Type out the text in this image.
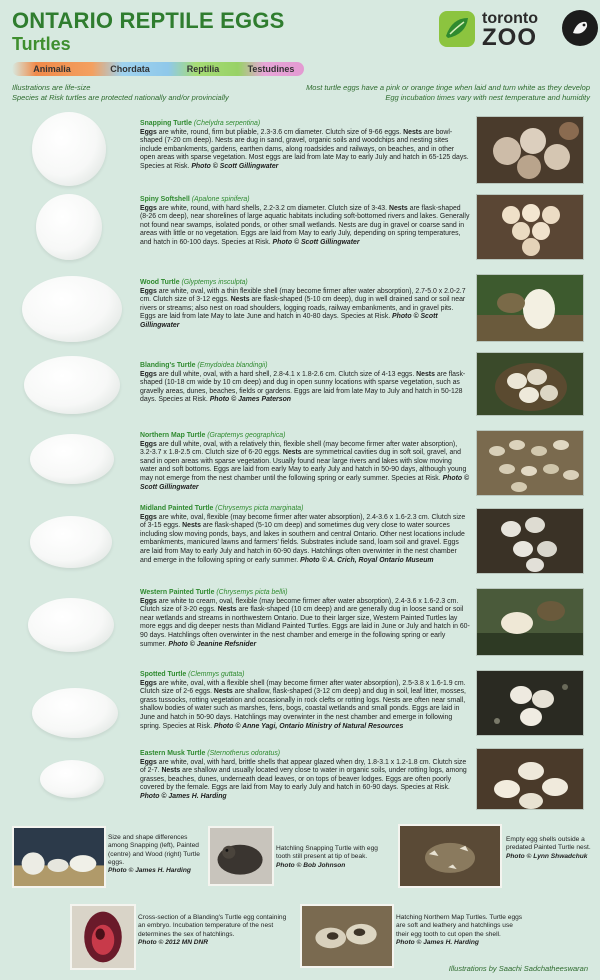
ONTARIO REPTILE EGGS
Turtles
toronto
ZOO
Animalia	Chordata	Reptilia	Testudines
Illustrations are life-size
Species at Risk turtles are protected nationally and/or provincially
Most turtle eggs have a pink or orange tinge when laid and turn white as they develop
Egg incubation times vary with nest temperature and humidity
Snapping Turtle (Chelydra serpentina)
Eggs are white, round, firm but pliable, 2.3-3.6 cm diameter. Clutch size of 9-66 eggs. Nests are bowl-shaped (7-20 cm deep). Nests are dug in sand, gravel, organic soils and woodchips and nesting sites include embankments, gardens, earthen dams, along roadsides and railways, on beaches, and in other open areas with sparse vegetation. Most eggs are laid from late May to early July and hatch in 65-125 days. Species at Risk. Photo © Scott Gillingwater
Spiny Softshell (Apalone spinifera)
Eggs are white, round, with hard shells, 2.2-3.2 cm diameter. Clutch size of 3-43. Nests are flask-shaped (8-26 cm deep), near shorelines of large aquatic habitats including soft-bottomed rivers and lakes. Generally not found near swamps, isolated ponds, or other small wetlands. Nests are dug in gravel or coarse sand in areas with little or no vegetation. Eggs are laid from May to early July, depending on spring temperatures, and hatch in 60-100 days. Species at Risk. Photo © Scott Gillingwater
Wood Turtle (Glyptemys insculpta)
Eggs are white, oval, with a thin flexible shell (may become firmer after water absorption), 2.7-5.0 x 2.0-2.7 cm. Clutch size of 3-12 eggs. Nests are flask-shaped (5-10 cm deep), dug in well drained sand or soil near rivers or streams; also nest on road shoulders, logging roads, railway embankments, and in gravel pits. Eggs are laid from late May to late June and hatch in 40-80 days. Species at Risk. Photo © Scott Gillingwater
Blanding's Turtle (Emydoidea blandingii)
Eggs are dull white, oval, with a hard shell, 2.8-4.1 x 1.8-2.6 cm. Clutch size of 4-13 eggs. Nests are flask-shaped (10-18 cm wide by 10 cm deep) and dug in open sunny locations with sparse vegetation, such as gravelly areas, dunes, beaches, fields or gardens. Eggs are laid from late May to July and hatch in 50-128 days. Species at Risk. Photo © James Paterson
Northern Map Turtle (Graptemys geographica)
Eggs are dull white, oval, with a relatively thin, flexible shell (may become firmer after water absorption), 3.2-3.7 x 1.8-2.5 cm. Clutch size of 6-20 eggs. Nests are symmetrical cavities dug in soft soil, gravel, and sand in open areas with sparse vegetation. Usually found near large rivers and lakes with slow moving water and soft bottoms. Eggs are laid from early May to early July and hatch in 50-90 days, although young may not emerge from the nest chamber until the following spring or early summer. Species at Risk. Photo © Scott Gillingwater
Midland Painted Turtle (Chrysemys picta marginata)
Eggs are white, oval, flexible (may become firmer after water absorption), 2.4-3.6 x 1.6-2.3 cm. Clutch size of 3-15 eggs. Nests are flask-shaped (5-10 cm deep) and sometimes dug very close to water sources including slow moving ponds, bays, and lakes in southern and central Ontario. Other nest locations include embankments, manicured lawns and farmers' fields. Substrates include sand, loam soil and gravel. Eggs are laid from May to early July and hatch in 60-90 days. Hatchlings often overwinter in the nest chamber and emerge in the following spring or early summer. Photo © A. Crich, Royal Ontario Museum
Western Painted Turtle (Chrysemys picta bellii)
Eggs are white to cream, oval, flexible (may become firmer after water absorption), 2.4-3.6 x 1.6-2.3 cm. Clutch size of 3-20 eggs. Nests are flask-shaped (10 cm deep) and are generally dug in loose sand or soil near wetlands and streams in northwestern Ontario. Due to their larger size, Western Painted Turtles lay more eggs and dig deeper nests than Midland Painted Turtles. Eggs are laid in June or July and hatch in 60-90 days. Hatchlings often overwinter in the nest chamber and emerge in the following spring or early summer. Photo © Jeanine Refsnider
Spotted Turtle (Clemmys guttata)
Eggs are white, oval, with a flexible shell (may become firmer after water absorption), 2.5-3.8 x 1.6-1.9 cm. Clutch size of 2-6 eggs. Nests are shallow, flask-shaped (3-12 cm deep) and dug in soil, leaf litter, mosses, grass tussocks, rotting vegetation and occasionally in rock clefts or rotting logs. Nests are often near small, shallow bodies of water such as marshes, fens, bogs, coastal wetlands and small ponds. Eggs are laid in June and hatch in 50-90 days. Hatchlings may overwinter in the nest chamber and emerge in following spring. Species at Risk. Photo © Anne Yagi, Ontario Ministry of Natural Resources
Eastern Musk Turtle (Sternotherus odoratus)
Eggs are white, oval, with hard, brittle shells that appear glazed when dry, 1.8-3.1 x 1.2-1.8 cm. Clutch size of 2-7. Nests are shallow and usually located very close to water in organic soils, under rotting logs, among grasses, beaches, dunes, underneath dead leaves, or on tops of beaver lodges. Eggs are often poorly covered by the female. Eggs are laid from May to early July and hatch in 60-90 days. Species at Risk. Photo © James H. Harding
Size and shape differences among Snapping (left), Painted (centre) and Wood (right) Turtle eggs.
Photo © James H. Harding
Hatchling Snapping Turtle with egg tooth still present at tip of beak.
Photo © Bob Johnson
Empty egg shells outside a predated Painted Turtle nest.
Photo © Lynn Shwadchuk
Cross-section of a Blanding's Turtle egg containing an embryo. Incubation temperature of the nest determines the sex of hatchlings.
Photo © 2012 MN DNR
Hatching Northern Map Turtles. Turtle eggs are soft and leathery and hatchlings use their egg tooth to cut open the shell.
Photo © James H. Harding
Illustrations by Saachi Sadchatheeswaran
